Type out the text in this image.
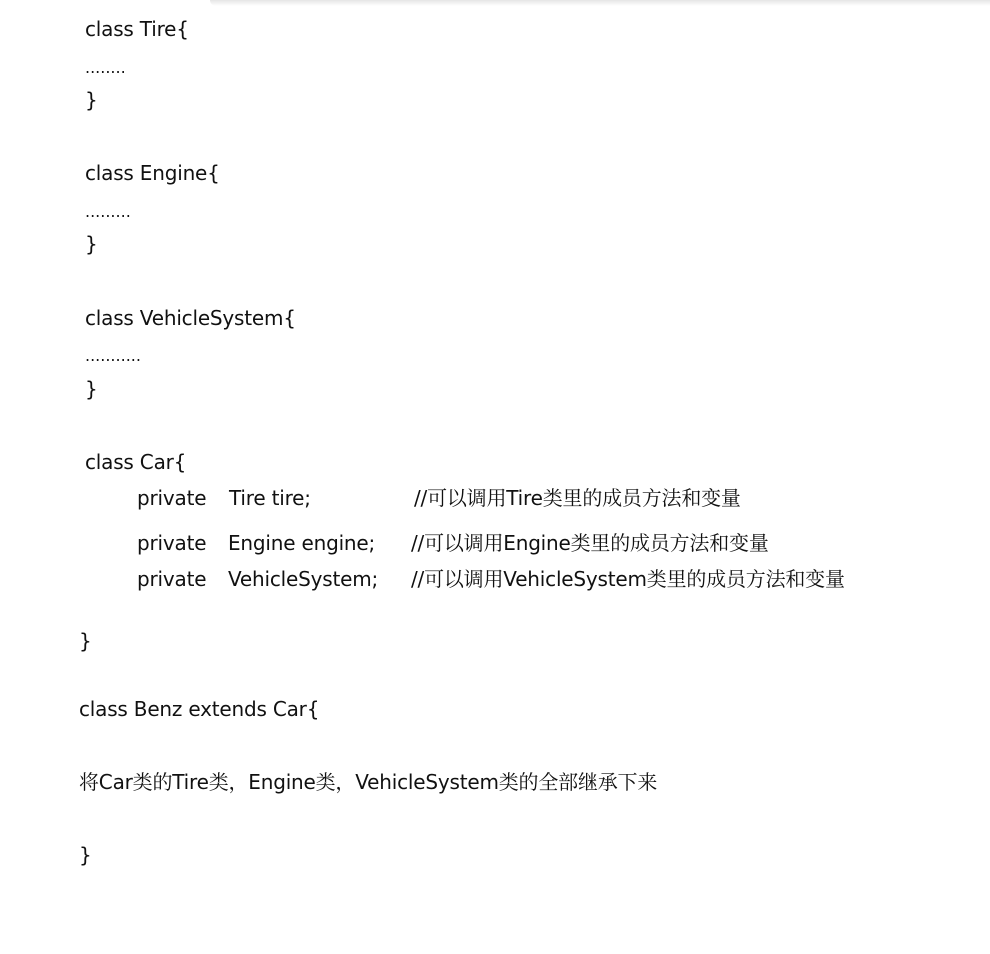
class Tire{
........
}
class Engine{
.........
}
class VehicleSystem{
...........
}
class Car{
private Tire tire;	//可以调用Tire类里的成员方法和变量
private Engine engine; //可以调用Engine类里的成员方法和变量
private VehicleSystem; //可以调用VehicleSystem类里的成员方法和变量
}
class Benz extends Car{
将Car类的Tire类，Engine类，VehicleSystem类的全部继承下来
}
